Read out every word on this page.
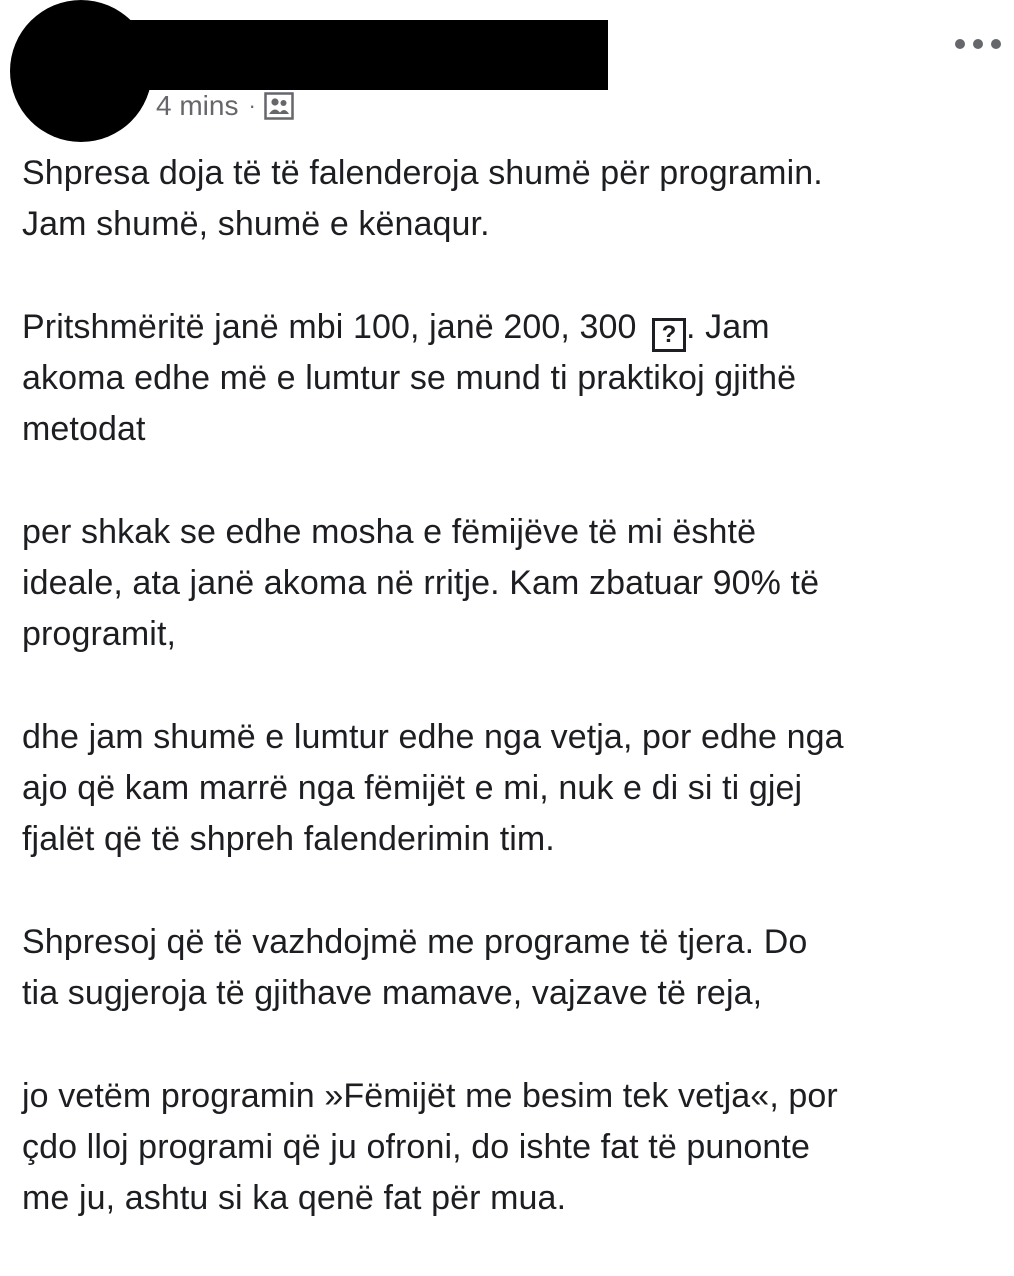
4 mins ·

Shpresa doja të të falenderoja shumë për programin.
Jam shumë, shumë e kënaqur.

Pritshmëritë janë mbi 100, janë 200, 300 ? . Jam
akoma edhe më e lumtur se mund ti praktikoj gjithë
metodat

per shkak se edhe mosha e fëmijëve të mi është
ideale, ata janë akoma në rritje. Kam zbatuar 90% të
programit,

dhe jam shumë e lumtur edhe nga vetja, por edhe nga
ajo që kam marrë nga fëmijët e mi, nuk e di si ti gjej
fjalët që të shpreh falenderimin tim.

Shpresoj që të vazhdojmë me programe të tjera. Do
tia sugjeroja të gjithave mamave, vajzave të reja,

jo vetëm programin »Fëmijët me besim tek vetja«, por
çdo lloj programi që ju ofroni, do ishte fat të punonte
me ju, ashtu si ka qenë fat për mua.
